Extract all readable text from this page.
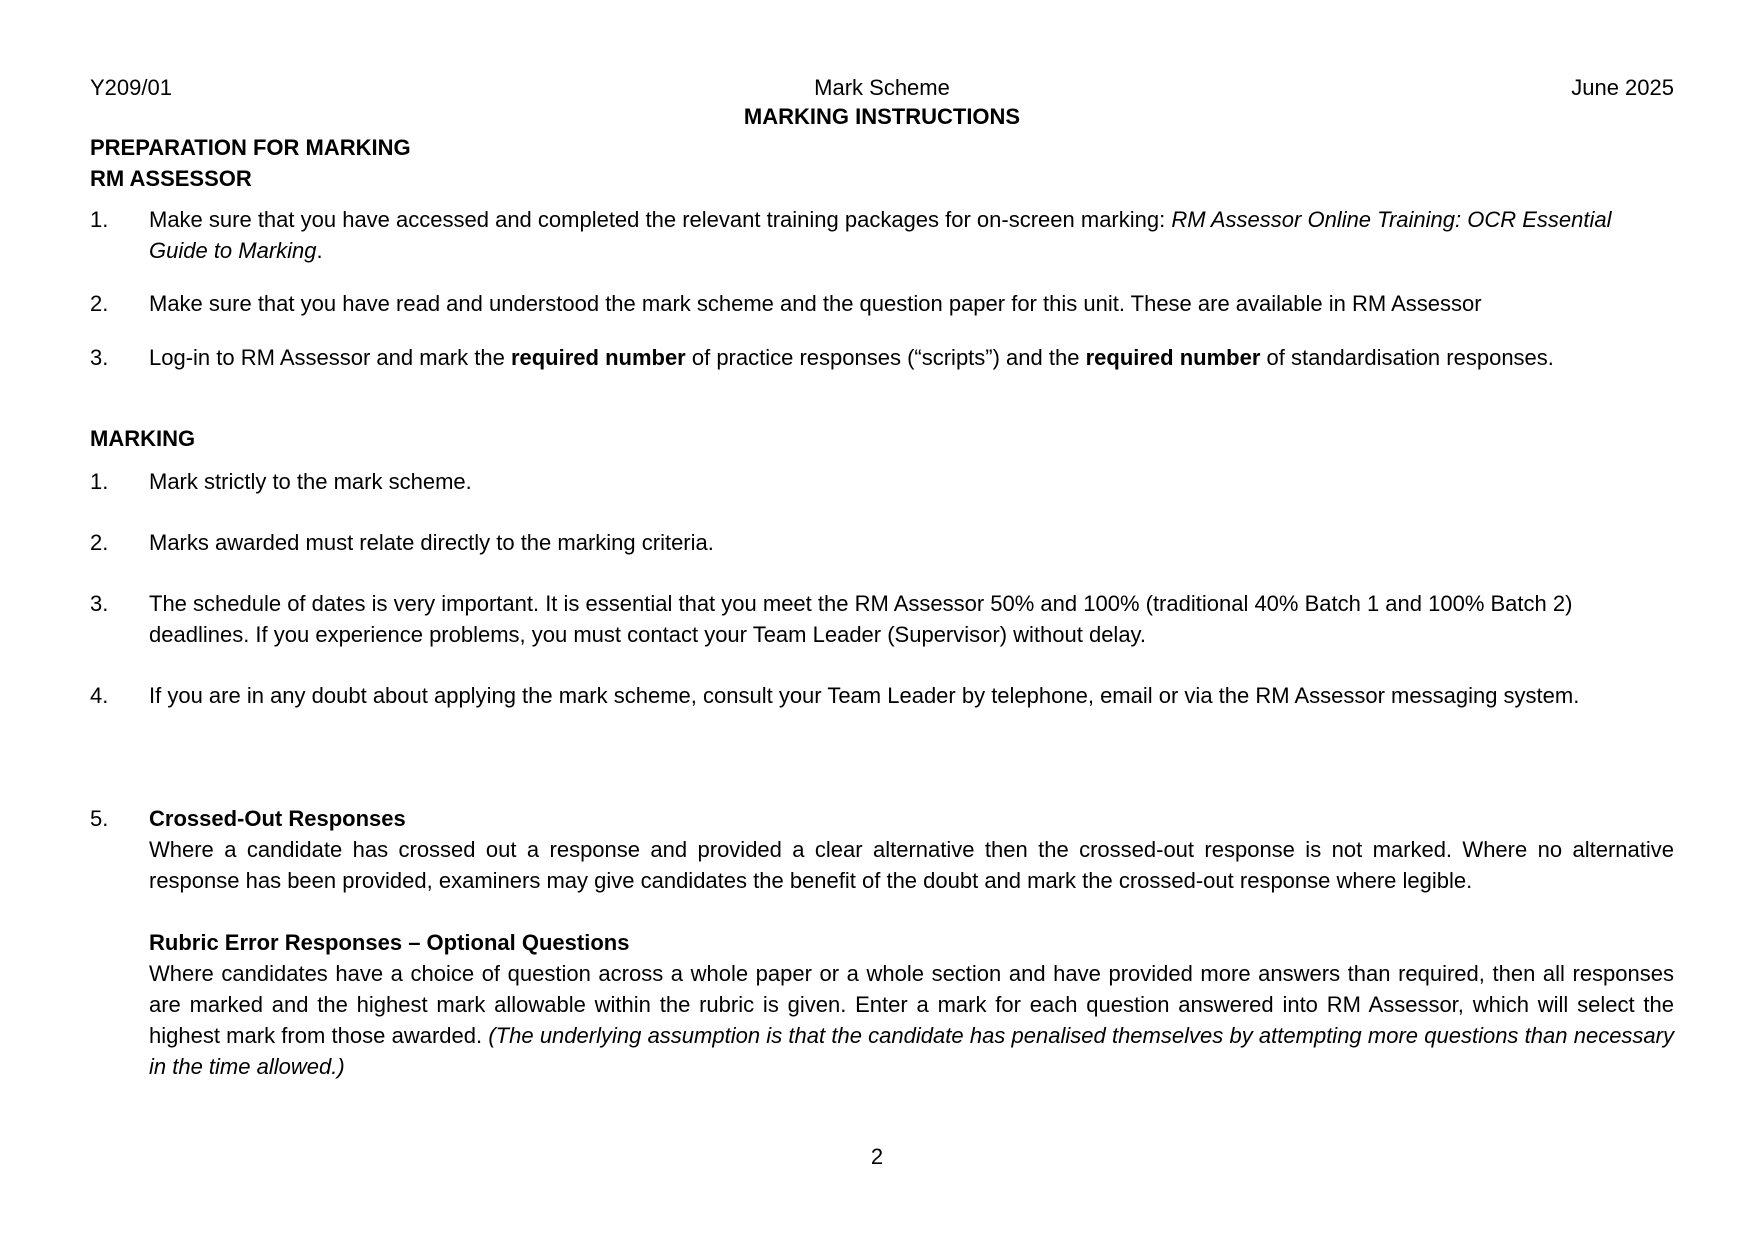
Y209/01	Mark Scheme	June 2025
MARKING INSTRUCTIONS
PREPARATION FOR MARKING
RM ASSESSOR
1. Make sure that you have accessed and completed the relevant training packages for on-screen marking: RM Assessor Online Training: OCR Essential Guide to Marking.
2. Make sure that you have read and understood the mark scheme and the question paper for this unit. These are available in RM Assessor
3. Log-in to RM Assessor and mark the required number of practice responses (“scripts”) and the required number of standardisation responses.
MARKING
1. Mark strictly to the mark scheme.
2. Marks awarded must relate directly to the marking criteria.
3. The schedule of dates is very important. It is essential that you meet the RM Assessor 50% and 100% (traditional 40% Batch 1 and 100% Batch 2) deadlines. If you experience problems, you must contact your Team Leader (Supervisor) without delay.
4. If you are in any doubt about applying the mark scheme, consult your Team Leader by telephone, email or via the RM Assessor messaging system.
5. Crossed-Out Responses
Where a candidate has crossed out a response and provided a clear alternative then the crossed-out response is not marked. Where no alternative response has been provided, examiners may give candidates the benefit of the doubt and mark the crossed-out response where legible.
Rubric Error Responses – Optional Questions
Where candidates have a choice of question across a whole paper or a whole section and have provided more answers than required, then all responses are marked and the highest mark allowable within the rubric is given. Enter a mark for each question answered into RM Assessor, which will select the highest mark from those awarded. (The underlying assumption is that the candidate has penalised themselves by attempting more questions than necessary in the time allowed.)
2
